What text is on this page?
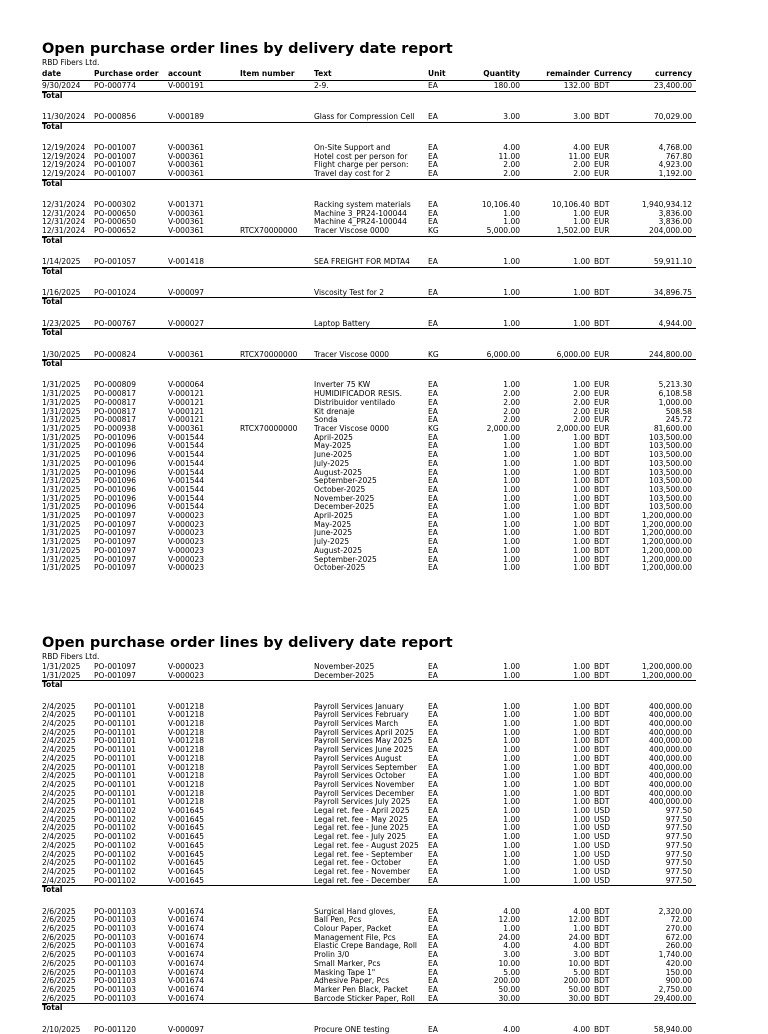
Open purchase order lines by delivery date report
RBD Fibers Ltd.
date	Purchase order	account	Item number	Text	Unit	Quantity	remainder	Currency	currency
9/30/2024	PO-000774	V-000191		2-9.	EA	180.00	132.00	BDT	23,400.00
Total									

11/30/2024	PO-000856	V-000189		Glass for Compression Cell	EA	3.00	3.00	BDT	70,029.00
Total									

12/19/2024	PO-001007	V-000361		On-Site Support and	EA	4.00	4.00	EUR	4,768.00
12/19/2024	PO-001007	V-000361		Hotel cost per person for	EA	11.00	11.00	EUR	767.80
12/19/2024	PO-001007	V-000361		Flight charge per person:	EA	2.00	2.00	EUR	4,923.00
12/19/2024	PO-001007	V-000361		Travel day cost for 2	EA	2.00	2.00	EUR	1,192.00
Total									

12/31/2024	PO-000302	V-001371		Racking system materials	EA	10,106.40	10,106.40	BDT	1,940,934.12
12/31/2024	PO-000650	V-000361		Machine 3_PR24-100044	EA	1.00	1.00	EUR	3,836.00
12/31/2024	PO-000650	V-000361		Machine 4_PR24-100044	EA	1.00	1.00	EUR	3,836.00
12/31/2024	PO-000652	V-000361	RTCX70000000	Tracer Viscose 0000	KG	5,000.00	1,502.00	EUR	204,000.00
Total									

1/14/2025	PO-001057	V-001418		SEA FREIGHT FOR MDTA4	EA	1.00	1.00	BDT	59,911.10
Total									

1/16/2025	PO-001024	V-000097		Viscosity Test for 2	EA	1.00	1.00	BDT	34,896.75
Total									

1/23/2025	PO-000767	V-000027		Laptop Battery	EA	1.00	1.00	BDT	4,944.00
Total									

1/30/2025	PO-000824	V-000361	RTCX70000000	Tracer Viscose 0000	KG	6,000.00	6,000.00	EUR	244,800.00
Total									

1/31/2025	PO-000809	V-000064		Inverter 75 KW	EA	1.00	1.00	EUR	5,213.30
1/31/2025	PO-000817	V-000121		HUMIDIFICADOR RESIS.	EA	2.00	2.00	EUR	6,108.58
1/31/2025	PO-000817	V-000121		Distribuidor ventilado	EA	2.00	2.00	EUR	1,000.00
1/31/2025	PO-000817	V-000121		Kit drenaje	EA	2.00	2.00	EUR	508.58
1/31/2025	PO-000817	V-000121		Sonda	EA	2.00	2.00	EUR	245.72
1/31/2025	PO-000938	V-000361	RTCX70000000	Tracer Viscose 0000	KG	2,000.00	2,000.00	EUR	81,600.00
1/31/2025	PO-001096	V-001544		April-2025	EA	1.00	1.00	BDT	103,500.00
1/31/2025	PO-001096	V-001544		May-2025	EA	1.00	1.00	BDT	103,500.00
1/31/2025	PO-001096	V-001544		June-2025	EA	1.00	1.00	BDT	103,500.00
1/31/2025	PO-001096	V-001544		July-2025	EA	1.00	1.00	BDT	103,500.00
1/31/2025	PO-001096	V-001544		August-2025	EA	1.00	1.00	BDT	103,500.00
1/31/2025	PO-001096	V-001544		September-2025	EA	1.00	1.00	BDT	103,500.00
1/31/2025	PO-001096	V-001544		October-2025	EA	1.00	1.00	BDT	103,500.00
1/31/2025	PO-001096	V-001544		November-2025	EA	1.00	1.00	BDT	103,500.00
1/31/2025	PO-001096	V-001544		December-2025	EA	1.00	1.00	BDT	103,500.00
1/31/2025	PO-001097	V-000023		April-2025	EA	1.00	1.00	BDT	1,200,000.00
1/31/2025	PO-001097	V-000023		May-2025	EA	1.00	1.00	BDT	1,200,000.00
1/31/2025	PO-001097	V-000023		June-2025	EA	1.00	1.00	BDT	1,200,000.00
1/31/2025	PO-001097	V-000023		July-2025	EA	1.00	1.00	BDT	1,200,000.00
1/31/2025	PO-001097	V-000023		August-2025	EA	1.00	1.00	BDT	1,200,000.00
1/31/2025	PO-001097	V-000023		September-2025	EA	1.00	1.00	BDT	1,200,000.00
1/31/2025	PO-001097	V-000023		October-2025	EA	1.00	1.00	BDT	1,200,000.00
Open purchase order lines by delivery date report
RBD Fibers Ltd.
1/31/2025	PO-001097	V-000023		November-2025	EA	1.00	1.00	BDT	1,200,000.00
1/31/2025	PO-001097	V-000023		December-2025	EA	1.00	1.00	BDT	1,200,000.00
Total									

2/4/2025	PO-001101	V-001218		Payroll Services January	EA	1.00	1.00	BDT	400,000.00
2/4/2025	PO-001101	V-001218		Payroll Services February	EA	1.00	1.00	BDT	400,000.00
2/4/2025	PO-001101	V-001218		Payroll Services March	EA	1.00	1.00	BDT	400,000.00
2/4/2025	PO-001101	V-001218		Payroll Services April 2025	EA	1.00	1.00	BDT	400,000.00
2/4/2025	PO-001101	V-001218		Payroll Services May 2025	EA	1.00	1.00	BDT	400,000.00
2/4/2025	PO-001101	V-001218		Payroll Services June 2025	EA	1.00	1.00	BDT	400,000.00
2/4/2025	PO-001101	V-001218		Payroll Services August	EA	1.00	1.00	BDT	400,000.00
2/4/2025	PO-001101	V-001218		Payroll Services September	EA	1.00	1.00	BDT	400,000.00
2/4/2025	PO-001101	V-001218		Payroll Services October	EA	1.00	1.00	BDT	400,000.00
2/4/2025	PO-001101	V-001218		Payroll Services November	EA	1.00	1.00	BDT	400,000.00
2/4/2025	PO-001101	V-001218		Payroll Services December	EA	1.00	1.00	BDT	400,000.00
2/4/2025	PO-001101	V-001218		Payroll Services July 2025	EA	1.00	1.00	BDT	400,000.00
2/4/2025	PO-001102	V-001645		Legal ret. fee - April 2025	EA	1.00	1.00	USD	977.50
2/4/2025	PO-001102	V-001645		Legal ret. fee - May 2025	EA	1.00	1.00	USD	977.50
2/4/2025	PO-001102	V-001645		Legal ret. fee - June 2025	EA	1.00	1.00	USD	977.50
2/4/2025	PO-001102	V-001645		Legal ret. fee - July 2025	EA	1.00	1.00	USD	977.50
2/4/2025	PO-001102	V-001645		Legal ret. fee - August 2025	EA	1.00	1.00	USD	977.50
2/4/2025	PO-001102	V-001645		Legal ret. fee - September	EA	1.00	1.00	USD	977.50
2/4/2025	PO-001102	V-001645		Legal ret. fee - October	EA	1.00	1.00	USD	977.50
2/4/2025	PO-001102	V-001645		Legal ret. fee - November	EA	1.00	1.00	USD	977.50
2/4/2025	PO-001102	V-001645		Legal ret. fee - December	EA	1.00	1.00	USD	977.50
Total									

2/6/2025	PO-001103	V-001674		Surgical Hand gloves,	EA	4.00	4.00	BDT	2,320.00
2/6/2025	PO-001103	V-001674		Ball Pen, Pcs	EA	12.00	12.00	BDT	72.00
2/6/2025	PO-001103	V-001674		Colour Paper, Packet	EA	1.00	1.00	BDT	270.00
2/6/2025	PO-001103	V-001674		Management File, Pcs	EA	24.00	24.00	BDT	672.00
2/6/2025	PO-001103	V-001674		Elastic Crepe Bandage, Roll	EA	4.00	4.00	BDT	260.00
2/6/2025	PO-001103	V-001674		Prolin 3/0	EA	3.00	3.00	BDT	1,740.00
2/6/2025	PO-001103	V-001674		Small Marker, Pcs	EA	10.00	10.00	BDT	420.00
2/6/2025	PO-001103	V-001674		Masking Tape 1"	EA	5.00	5.00	BDT	150.00
2/6/2025	PO-001103	V-001674		Adhesive Paper, Pcs	EA	200.00	200.00	BDT	900.00
2/6/2025	PO-001103	V-001674		Marker Pen Black, Packet	EA	50.00	50.00	BDT	2,750.00
2/6/2025	PO-001103	V-001674		Barcode Sticker Paper, Roll	EA	30.00	30.00	BDT	29,400.00
Total									

2/10/2025	PO-001120	V-000097		Procure ONE testing	EA	4.00	4.00	BDT	58,940.00
